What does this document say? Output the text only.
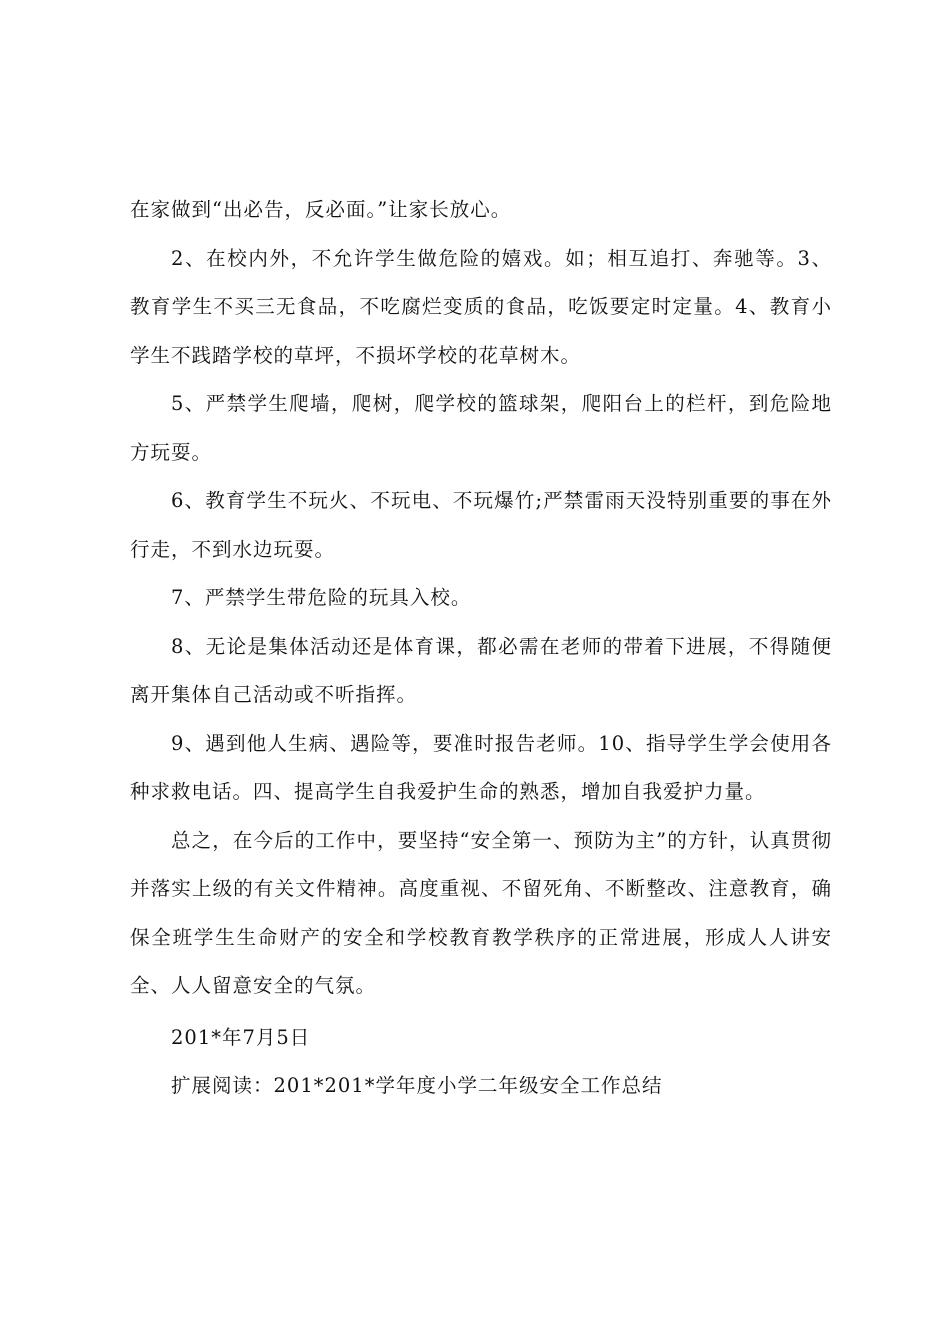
在家做到“出必告，反必面。”让家长放心。

2、在校内外，不允许学生做危险的嬉戏。如；相互追打、奔驰等。3、教育学生不买三无食品，不吃腐烂变质的食品，吃饭要定时定量。4、教育小学生不践踏学校的草坪，不损坏学校的花草树木。

5、严禁学生爬墙，爬树，爬学校的篮球架，爬阳台上的栏杆，到危险地方玩耍。

6、教育学生不玩火、不玩电、不玩爆竹;严禁雷雨天没特别重要的事在外行走，不到水边玩耍。

7、严禁学生带危险的玩具入校。

8、无论是集体活动还是体育课，都必需在老师的带着下进展，不得随便离开集体自己活动或不听指挥。

9、遇到他人生病、遇险等，要准时报告老师。10、指导学生学会使用各种求救电话。四、提高学生自我爱护生命的熟悉，增加自我爱护力量。

总之，在今后的工作中，要坚持“安全第一、预防为主”的方针，认真贯彻并落实上级的有关文件精神。高度重视、不留死角、不断整改、注意教育，确保全班学生生命财产的安全和学校教育教学秩序的正常进展，形成人人讲安全、人人留意安全的气氛。

201*年7月5日

扩展阅读：201*201*学年度小学二年级安全工作总结
